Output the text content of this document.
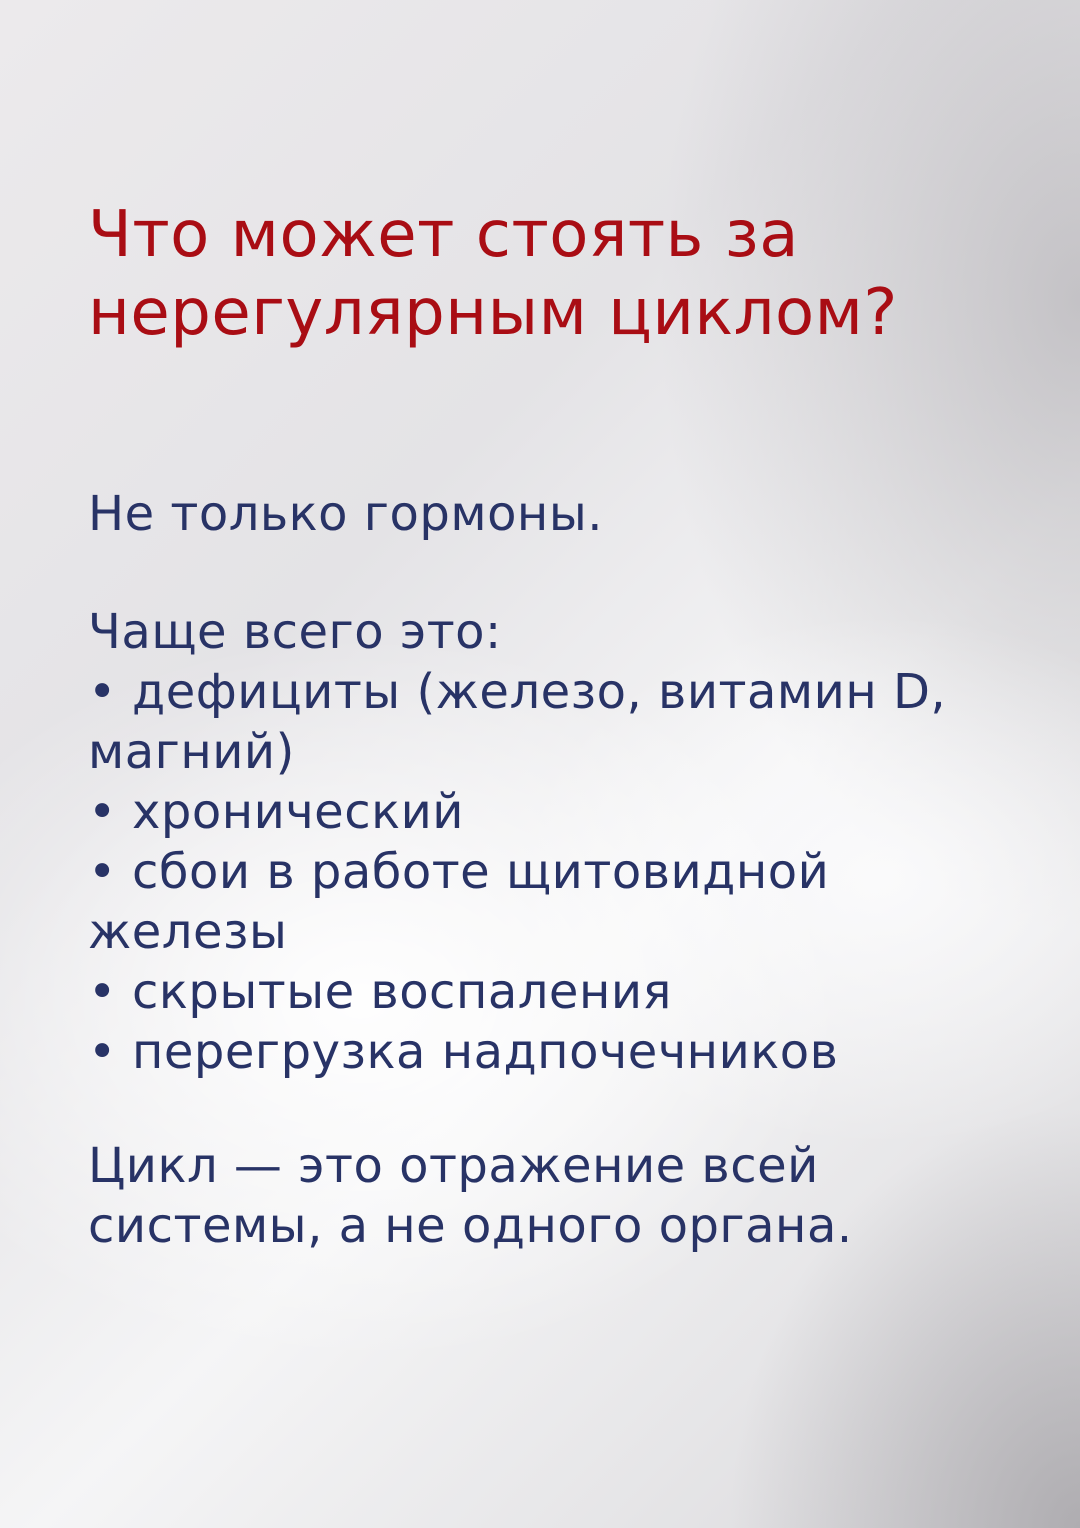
Что может стоять за
нерегулярным циклом?

Не только гормоны.

Чаще всего это:

• дефициты (железо, витамин D,
магний)
• хронический
• сбои в работе щитовидной
железы
• скрытые воспаления
• перегрузка надпочечников

Цикл — это отражение всей
системы, а не одного органа.
